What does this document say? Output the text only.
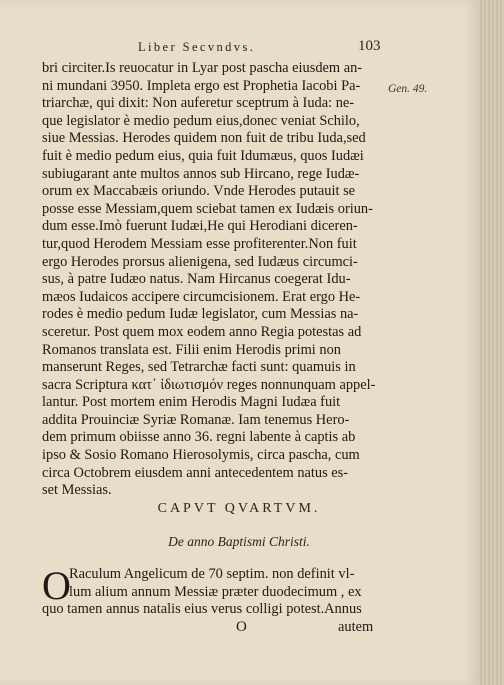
Liber Secvndvs.	103
Gen. 49.
bri circiter.Is reuocatur in Lyar post pascha eiusdem an-
ni mundani 3950. Impleta ergo est Prophetia Iacobi Pa-
triarchæ, qui dixit: Non auferetur sceptrum à Iuda: ne-
que legislator è medio pedum eius,donec veniat Schilo,
siue Messias. Herodes quidem non fuit de tribu Iuda,sed
fuit è medio pedum eius, quia fuit Idumæus, quos Iudæi
subiugarant ante multos annos sub Hircano, rege Iudæ-
orum ex Maccabæis oriundo. Vnde Herodes putauit se
posse esse Messiam,quem sciebat tamen ex Iudæis oriun-
dum esse.Imò fuerunt Iudæi,He qui Herodiani diceren-
tur,quod Herodem Messiam esse profiterenter.Non fuit
ergo Herodes prorsus alienigena, sed Iudæus circumci-
sus, à patre Iudæo natus. Nam Hircanus coegerat Idu-
mæos Iudaicos accipere circumcisionem. Erat ergo He-
rodes è medio pedum Iudæ legislator, cum Messias na-
sceretur. Post quem mox eodem anno Regia potestas ad
Romanos translata est. Filii enim Herodis primi non
manserunt Reges, sed Tetrarchæ facti sunt: quamuis in
sacra Scriptura κατ᾽ ἰδιωτισμόν reges nonnunquam appel-
lantur. Post mortem enim Herodis Magni Iudæa fuit
addita Prouinciæ Syriæ Romanæ. Iam tenemus Hero-
dem primum obiisse anno 36. regni labente à captis ab
ipso & Sosio Romano Hierosolymis, circa pascha, cum
circa Octobrem eiusdem anni antecedentem natus es-
set Messias.
CAPVT QVARTVM.
De anno Baptismi Christi.
O
Raculum Angelicum de 70 septim. non definit vl-
lum alium annum Messiæ præter duodecimum , ex
quo tamen annus natalis eius verus colligi potest.Annus
O	autem
